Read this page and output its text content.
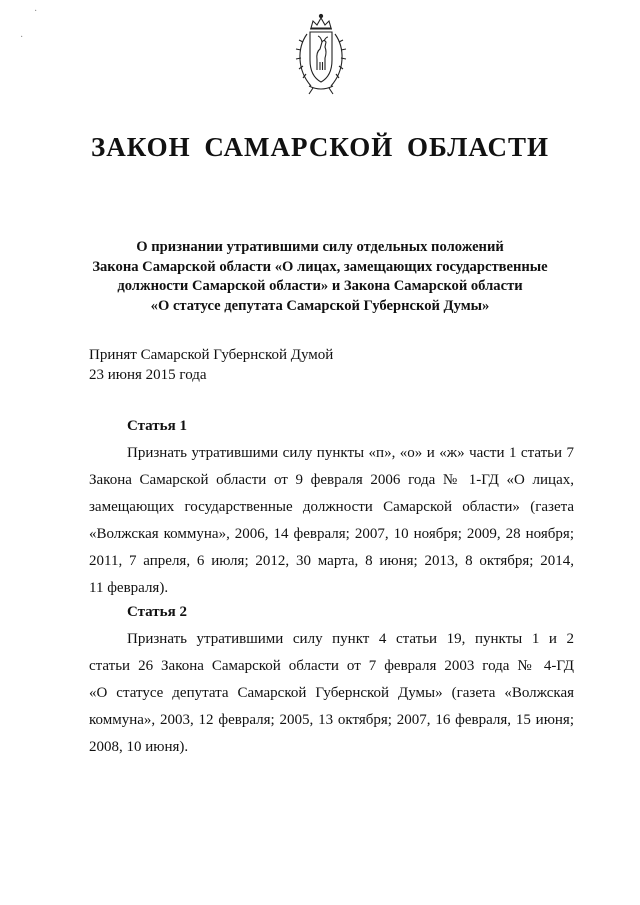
·
·
ЗАКОН САМАРСКОЙ ОБЛАСТИ
О признании утратившими силу отдельных положений
Закона Самарской области «О лицах, замещающих государственные
должности Самарской области» и Закона Самарской области
«О статусе депутата Самарской Губернской Думы»
Принят Самарской Губернской Думой
23 июня 2015 года
Статья 1
Признать утратившими силу пункты «п», «о» и «ж» части 1 статьи 7
Закона Самарской области от 9 февраля 2006 года № 1-ГД «О лицах,
замещающих государственные должности Самарской области» (газета
«Волжская коммуна», 2006, 14 февраля; 2007, 10 ноября; 2009, 28 ноября;
2011, 7 апреля, 6 июля; 2012, 30 марта, 8 июня; 2013, 8 октября; 2014,
11 февраля).
Статья 2
Признать утратившими силу пункт 4 статьи 19, пункты 1 и 2
статьи 26 Закона Самарской области от 7 февраля 2003 года № 4-ГД
«О статусе депутата Самарской Губернской Думы» (газета «Волжская
коммуна», 2003, 12 февраля; 2005, 13 октября; 2007, 16 февраля, 15 июня;
2008, 10 июня).
